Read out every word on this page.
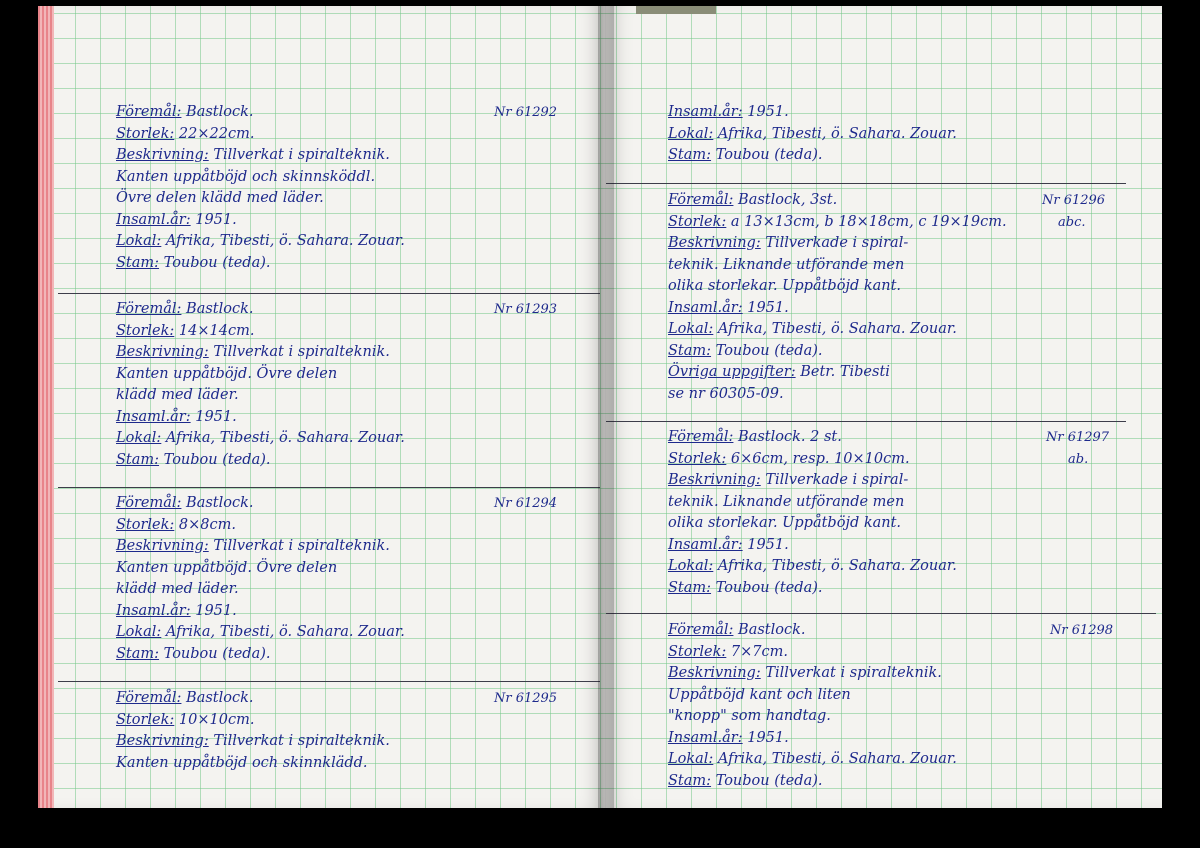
Föremål: Bastlock.
Storlek: 22×22cm.
Beskrivning: Tillverkat i spiralteknik.
Kanten uppåtböjd och skinnsköddl.
Övre delen klädd med läder.
Insaml.år: 1951.
Lokal: Afrika, Tibesti, ö. Sahara. Zouar.
Stam: Toubou (teda).
Nr 61292
Föremål: Bastlock.
Storlek: 14×14cm.
Beskrivning: Tillverkat i spiralteknik.
Kanten uppåtböjd. Övre delen
klädd med läder.
Insaml.år: 1951.
Lokal: Afrika, Tibesti, ö. Sahara. Zouar.
Stam: Toubou (teda).
Nr 61293
Föremål: Bastlock.
Storlek: 8×8cm.
Beskrivning: Tillverkat i spiralteknik.
Kanten uppåtböjd. Övre delen
klädd med läder.
Insaml.år: 1951.
Lokal: Afrika, Tibesti, ö. Sahara. Zouar.
Stam: Toubou (teda).
Nr 61294
Föremål: Bastlock.
Storlek: 10×10cm.
Beskrivning: Tillverkat i spiralteknik.
Kanten uppåtböjd och skinnklädd.
Nr 61295
Insaml.år: 1951.
Lokal: Afrika, Tibesti, ö. Sahara. Zouar.
Stam: Toubou (teda).
Föremål: Bastlock, 3st.
Storlek: a 13×13cm, b 18×18cm, c 19×19cm.
Beskrivning: Tillverkade i spiral-
teknik. Liknande utförande men
olika storlekar. Uppåtböjd kant.
Insaml.år: 1951.
Lokal: Afrika, Tibesti, ö. Sahara. Zouar.
Stam: Toubou (teda).
Övriga uppgifter: Betr. Tibesti
se nr 60305-09.
Nr 61296
abc.
Föremål: Bastlock. 2 st.
Storlek: 6×6cm, resp. 10×10cm.
Beskrivning: Tillverkade i spiral-
teknik. Liknande utförande men
olika storlekar. Uppåtböjd kant.
Insaml.år: 1951.
Lokal: Afrika, Tibesti, ö. Sahara. Zouar.
Stam: Toubou (teda).
Nr 61297
ab.
Föremål: Bastlock.
Storlek: 7×7cm.
Beskrivning: Tillverkat i spiralteknik.
Uppåtböjd kant och liten
"knopp" som handtag.
Insaml.år: 1951.
Lokal: Afrika, Tibesti, ö. Sahara. Zouar.
Stam: Toubou (teda).
Nr 61298
